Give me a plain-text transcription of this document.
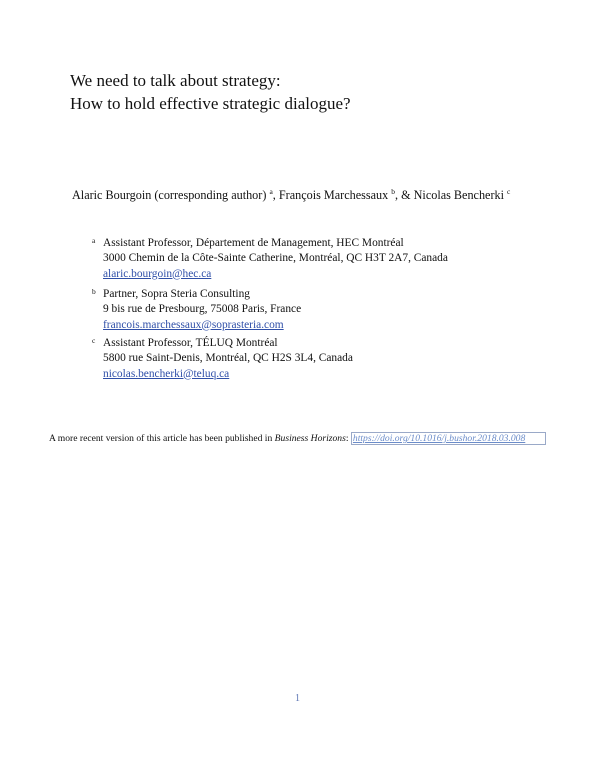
We need to talk about strategy:
How to hold effective strategic dialogue?
Alaric Bourgoin (corresponding author) $^a$, François Marchessaux $^b$, & Nicolas Bencherki $^c$
a Assistant Professor, Département de Management, HEC Montréal
3000 Chemin de la Côte-Sainte Catherine, Montréal, QC H3T 2A7, Canada
alaric.bourgoin@hec.ca
b Partner, Sopra Steria Consulting
9 bis rue de Presbourg, 75008 Paris, France
francois.marchessaux@soprasteria.com
c Assistant Professor, TÉLUQ Montréal
5800 rue Saint-Denis, Montréal, QC H2S 3L4, Canada
nicolas.bencherki@teluq.ca
A more recent version of this article has been published in Business Horizons: https://doi.org/10.1016/j.bushor.2018.03.008
1
